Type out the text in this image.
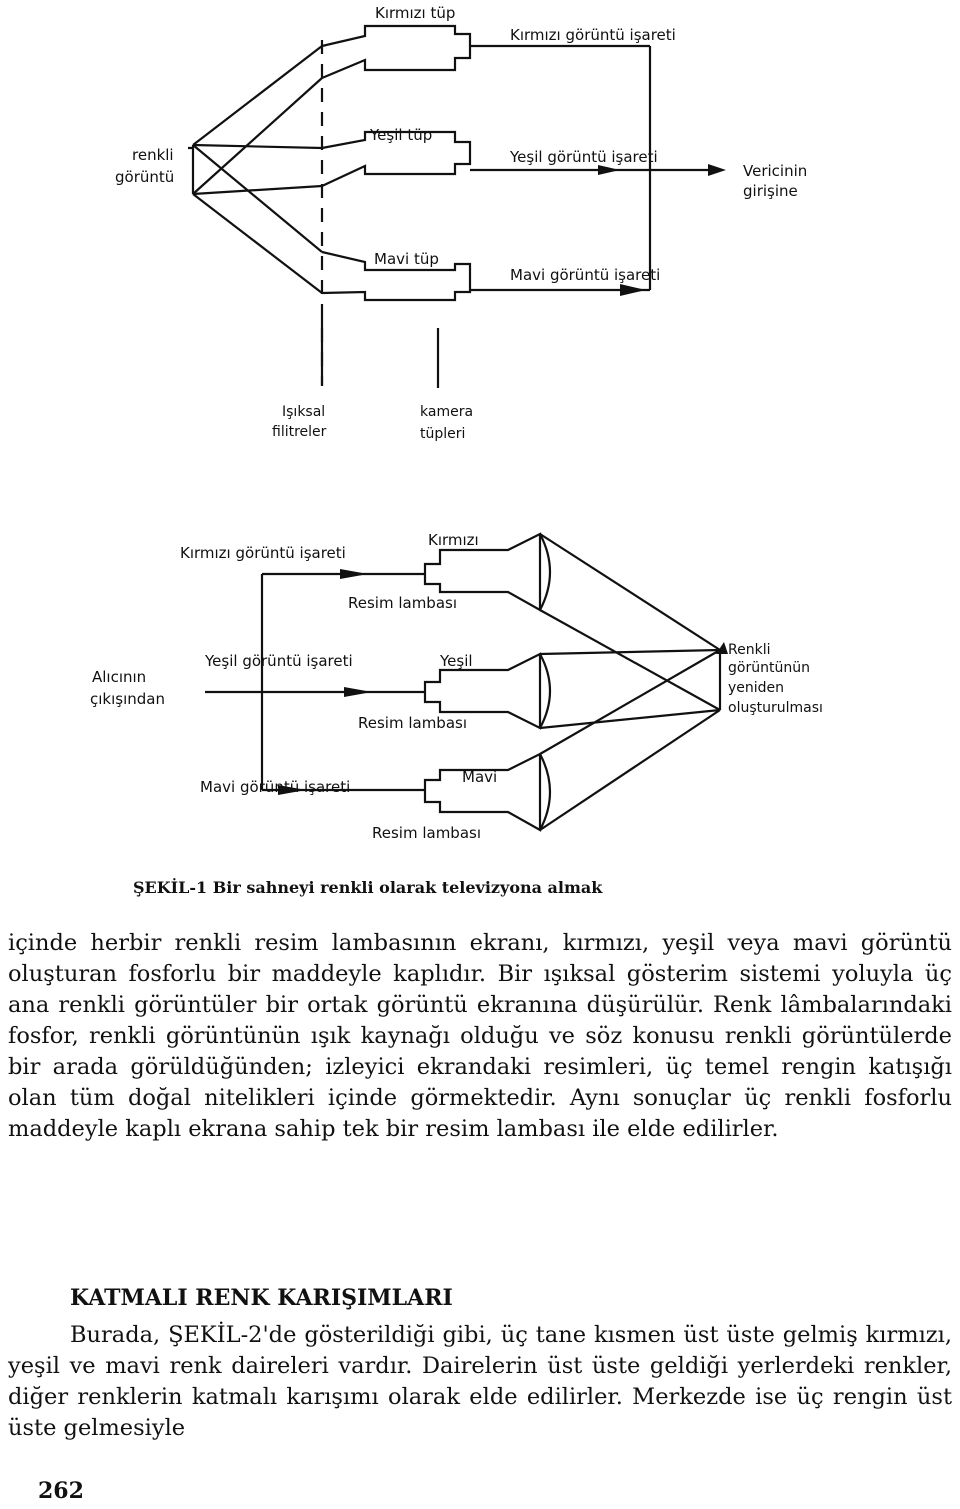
Kırmızı tüp
Kırmızı görüntü işareti
renkli
görüntü
Yeşil tüp
Yeşil görüntü işareti
Vericinin
girişine
Mavi tüp
Mavi görüntü işareti
Işıksal
filitreler
kamera
tüpleri
Kırmızı görüntü işareti
Kırmızı
Resim lambası
Alıcının
çıkışından
Yeşil görüntü işareti	Yeşil
Resim lambası
Renkli
görüntünün
yeniden
oluşturulması
Mavi görüntü işareti
Mavi
Resim lambası
ŞEKİL-1 Bir sahneyi renkli olarak televizyona almak

içinde herbir renkli resim lambasının ekranı, kırmızı, yeşil veya mavi görüntü oluşturan fosforlu bir maddeyle kaplıdır. Bir ışıksal gösterim sistemi yoluyla üç ana renkli görüntüler bir ortak görüntü ekranına düşürülür. Renk lâmbalarındaki fosfor, renkli görüntünün ışık kaynağı olduğu ve söz konusu renkli görüntülerde bir arada görüldüğünden; izleyici ekrandaki resimleri, üç temel rengin katışığı olan tüm doğal nitelikleri içinde görmektedir. Aynı sonuçlar üç renkli fosforlu maddeyle kaplı ekrana sahip tek bir resim lambası ile elde edilirler.

KATMALI RENK KARIŞIMLARI

Burada, ŞEKİL-2'de gösterildiği gibi, üç tane kısmen üst üste gelmiş kırmızı, yeşil ve mavi renk daireleri vardır. Dairelerin üst üste geldiği yerlerdeki renkler, diğer renklerin katmalı karışımı olarak elde edilirler. Merkezde ise üç rengin üst üste gelmesiyle

262
